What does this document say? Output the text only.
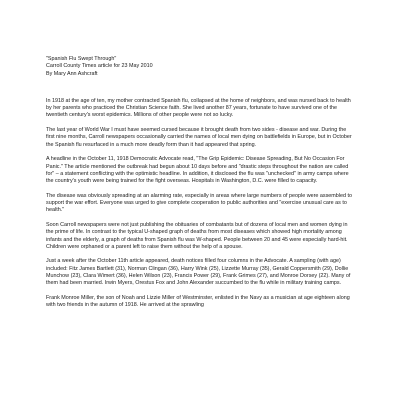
"Spanish Flu Swept Through"

Carroll County Times article for 23 May 2010

By Mary Ann Ashcraft

In 1918 at the age of ten, my mother contracted Spanish flu, collapsed at the home of neighbors, and was nursed back to health by her parents who practiced the Christian Science faith. She lived another 87 years, fortunate to have survived one of the twentieth century's worst epidemics. Millions of other people were not so lucky.

The last year of World War I must have seemed cursed because it brought death from two sides - disease and war. During the first nine months, Carroll newspapers occasionally carried the names of local men dying on battlefields in Europe, but in October the Spanish flu resurfaced in a much more deadly form than it had appeared that spring.

A headline in the October 11, 1918 Democratic Advocate read, "The Grip Epidemic: Disease Spreading, But No Occasion For Panic." The article mentioned the outbreak had begun about 10 days before and "drastic steps throughout the nation are called for" – a statement conflicting with the optimistic headline. In addition, it disclosed the flu was "unchecked" in army camps where the country's youth were being trained for the fight overseas. Hospitals in Washington, D.C. were filled to capacity.

The disease was obviously spreading at an alarming rate, especially in areas where large numbers of people were assembled to support the war effort. Everyone was urged to give complete cooperation to public authorities and "exercise unusual care as to health."

Soon Carroll newspapers were not just publishing the obituaries of combatants but of dozens of local men and women dying in the prime of life. In contrast to the typical U-shaped graph of deaths from most diseases which showed high mortality among infants and the elderly, a graph of deaths from Spanish flu was W-shaped. People between 20 and 45 were especially hard-hit. Children were orphaned or a parent left to raise them without the help of a spouse.

Just a week after the October 11th article appeared, death notices filled four columns in the Advocate. A sampling (with age) included: Fitz James Bartlett (31), Norman Clingan (36), Harry Wink (25), Lizzette Murray (35), Gerald Coppersmith (29), Dollie Munchow (23), Clara Wimert (36), Helen Wilson (23), Francis Power (29), Frank Grimes (27), and Monroe Dorsey (22). Many of them had been married. Irwin Myers, Orestus Fox and John Alexander succumbed to the flu while in military training camps.

Frank Monroe Miller, the son of Noah and Lizzie Miller of Westminster, enlisted in the Navy as a musician at age eighteen along with two friends in the autumn of 1918. He arrived at the sprawling
